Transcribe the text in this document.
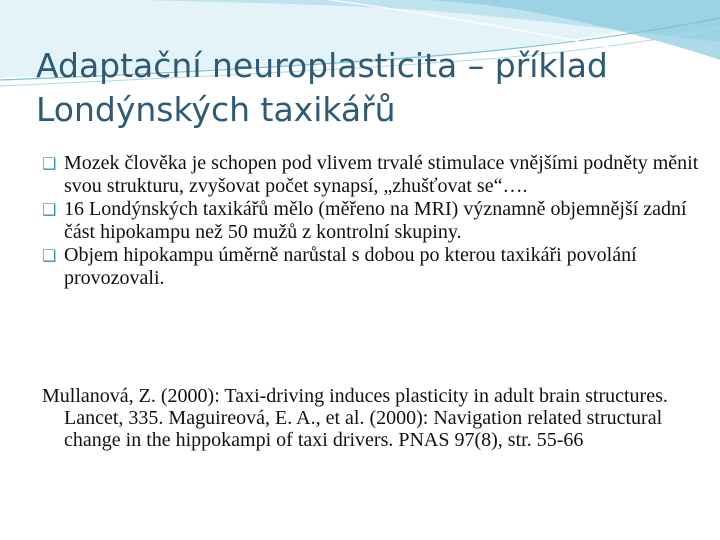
Adaptační neuroplasticita – příklad
Londýnských taxikářů
❑ Mozek člověka je schopen pod vlivem trvalé stimulace vnějšími podněty měnit svou strukturu, zvyšovat počet synapsí, „zhušťovat se“….
❑ 16 Londýnských taxikářů mělo (měřeno na MRI) významně objemnější zadní část hipokampu než 50 mužů z kontrolní skupiny.
❑ Objem hipokampu úměrně narůstal s dobou po kterou taxikáři povolání provozovali.

Mullanová, Z. (2000): Taxi-driving induces plasticity in adult brain structures. Lancet, 335. Maguireová, E. A., et al. (2000): Navigation related structural change in the hippokampi of taxi drivers. PNAS 97(8), str. 55-66
